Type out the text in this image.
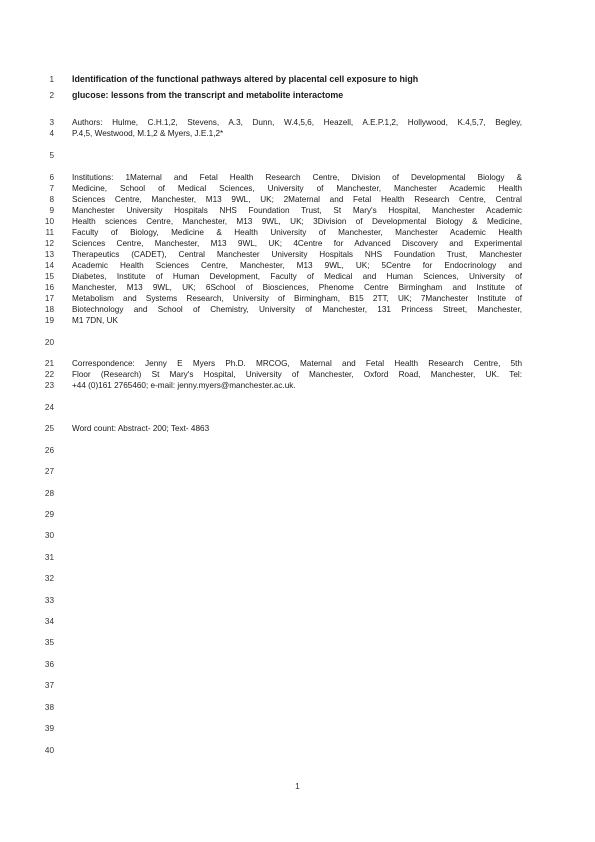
1 Identification of the functional pathways altered by placental cell exposure to high
2 glucose: lessons from the transcript and metabolite interactome
3 Authors: Hulme, C.H.1,2, Stevens, A.3, Dunn, W.4,5,6, Heazell, A.E.P.1,2, Hollywood, K.4,5,7, Begley,
4 P.4,5, Westwood, M.1,2 & Myers, J.E.1,2*
5
6 Institutions: 1Maternal and Fetal Health Research Centre, Division of Developmental Biology &
7 Medicine, School of Medical Sciences, University of Manchester, Manchester Academic Health
8 Sciences Centre, Manchester, M13 9WL, UK; 2Maternal and Fetal Health Research Centre, Central
9 Manchester University Hospitals NHS Foundation Trust, St Mary's Hospital, Manchester Academic
10 Health sciences Centre, Manchester, M13 9WL, UK; 3Division of Developmental Biology & Medicine,
11 Faculty of Biology, Medicine & Health University of Manchester, Manchester Academic Health
12 Sciences Centre, Manchester, M13 9WL, UK; 4Centre for Advanced Discovery and Experimental
13 Therapeutics (CADET), Central Manchester University Hospitals NHS Foundation Trust, Manchester
14 Academic Health Sciences Centre, Manchester, M13 9WL, UK; 5Centre for Endocrinology and
15 Diabetes, Institute of Human Development, Faculty of Medical and Human Sciences, University of
16 Manchester, M13 9WL, UK; 6School of Biosciences, Phenome Centre Birmingham and Institute of
17 Metabolism and Systems Research, University of Birmingham, B15 2TT, UK; 7Manchester Institute of
18 Biotechnology and School of Chemistry, University of Manchester, 131 Princess Street, Manchester,
19 M1 7DN, UK
20
21 Correspondence: Jenny E Myers Ph.D. MRCOG, Maternal and Fetal Health Research Centre, 5th
22 Floor (Research) St Mary's Hospital, University of Manchester, Oxford Road, Manchester, UK. Tel:
23 +44 (0)161 2765460; e-mail: jenny.myers@manchester.ac.uk.
24
25 Word count: Abstract- 200; Text- 4863
26
27
28
29
30
31
32
33
34
35
36
37
38
39
40
1
